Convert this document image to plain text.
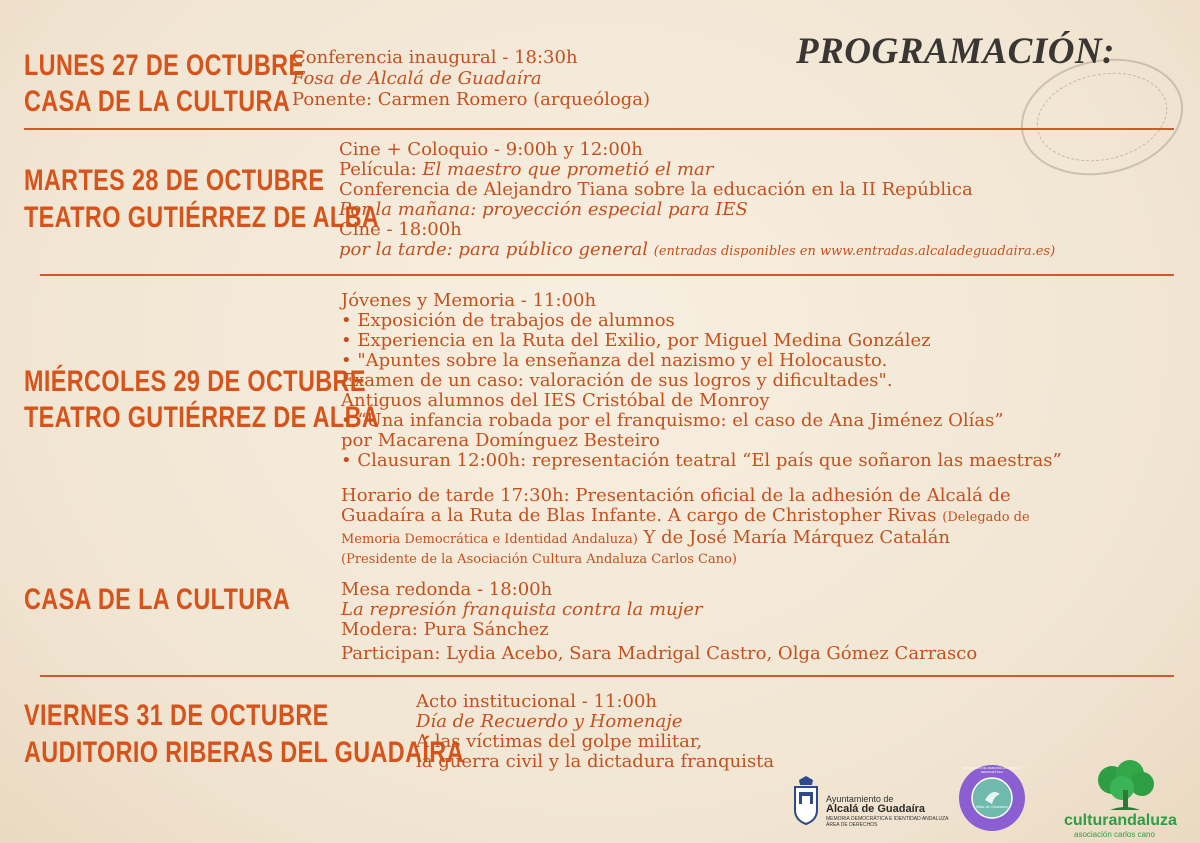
PROGRAMACIÓN:
LUNES 27 DE OCTUBRE
CASA DE LA CULTURA
Conferencia inaugural - 18:30h
Fosa de Alcalá de Guadaíra
Ponente: Carmen Romero (arqueóloga)
MARTES 28 DE OCTUBRE
TEATRO GUTIÉRREZ DE ALBA
Cine + Coloquio - 9:00h y 12:00h
Película: El maestro que prometió el mar
Conferencia de Alejandro Tiana sobre la educación en la II República
Por la mañana: proyección especial para IES
Cine - 18:00h
por la tarde: para público general (entradas disponibles en www.entradas.alcaladeguadaira.es)
MIÉRCOLES 29 DE OCTUBRE
TEATRO GUTIÉRREZ DE ALBA
Jóvenes y Memoria - 11:00h
• Exposición de trabajos de alumnos
• Experiencia en la Ruta del Exilio, por Miguel Medina González
• "Apuntes sobre la enseñanza del nazismo y el Holocausto.
Examen de un caso: valoración de sus logros y dificultades".
Antiguos alumnos del IES Cristóbal de Monroy
• “Una infancia robada por el franquismo: el caso de Ana Jiménez Olías”
por Macarena Domínguez Besteiro
• Clausuran 12:00h: representación teatral “El país que soñaron las maestras”
Horario de tarde 17:30h: Presentación oficial de la adhesión de Alcalá de
Guadaíra a la Ruta de Blas Infante. A cargo de Christopher Rivas (Delegado de
Memoria Democrática e Identidad Andaluza) Y de José María Márquez Catalán
(Presidente de la Asociación Cultura Andaluza Carlos Cano)
CASA DE LA CULTURA	Mesa redonda - 18:00h
La represión franquista contra la mujer
Modera: Pura Sánchez
Participan: Lydia Acebo, Sara Madrigal Castro, Olga Gómez Carrasco
VIERNES 31 DE OCTUBRE
AUDITORIO RIBERAS DEL GUADAÍRA
Acto institucional - 11:00h
Día de Recuerdo y Homenaje
A las víctimas del golpe militar,
la guerra civil y la dictadura franquista
Ayuntamiento de
Alcalá de Guadaíra
MEMORIA DEMOCRÁTICA E IDENTIDAD ANDALUZA
ÁREA DE DERECHOS
ASOCIACIÓN DE MEMORIA HISTÓRICA Y DEMOCRÁTICA
Blas de Guadaíra
culturandaluza
asociación carlos cano
